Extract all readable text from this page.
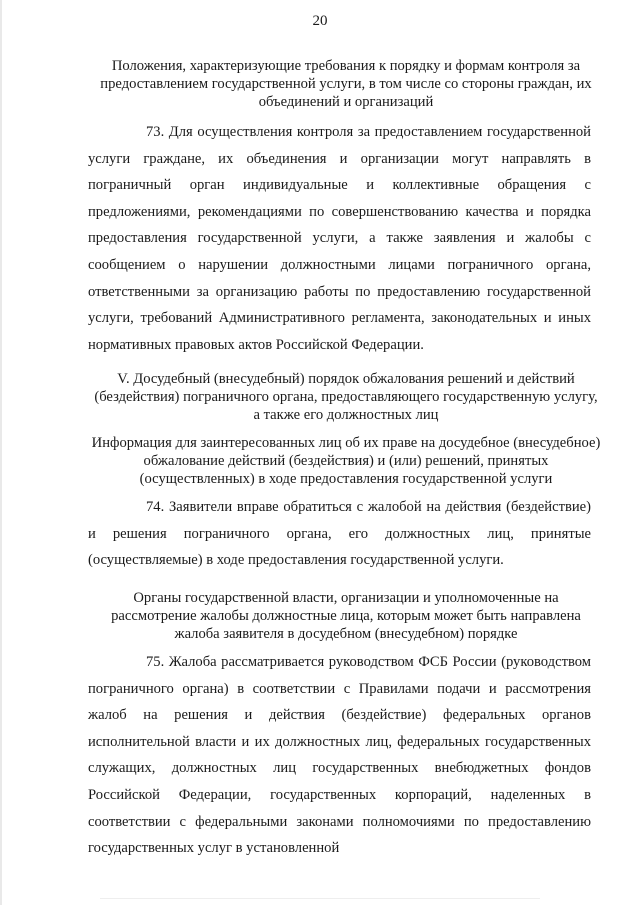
20
Положения, характеризующие требования к порядку и формам контроля за предоставлением государственной услуги, в том числе со стороны граждан, их объединений и организаций
73. Для осуществления контроля за предоставлением государственной услуги граждане, их объединения и организации могут направлять в пограничный орган индивидуальные и коллективные обращения с предложениями, рекомендациями по совершенствованию качества и порядка предоставления государственной услуги, а также заявления и жалобы с сообщением о нарушении должностными лицами пограничного органа, ответственными за организацию работы по предоставлению государственной услуги, требований Административного регламента, законодательных и иных нормативных правовых актов Российской Федерации.
V. Досудебный (внесудебный) порядок обжалования решений и действий (бездействия) пограничного органа, предоставляющего государственную услугу, а также его должностных лиц
Информация для заинтересованных лиц об их праве на досудебное (внесудебное) обжалование действий (бездействия) и (или) решений, принятых (осуществленных) в ходе предоставления государственной услуги
74. Заявители вправе обратиться с жалобой на действия (бездействие) и решения пограничного органа, его должностных лиц, принятые (осуществляемые) в ходе предоставления государственной услуги.
Органы государственной власти, организации и уполномоченные на рассмотрение жалобы должностные лица, которым может быть направлена жалоба заявителя в досудебном (внесудебном) порядке
75. Жалоба рассматривается руководством ФСБ России (руководством пограничного органа) в соответствии с Правилами подачи и рассмотрения жалоб на решения и действия (бездействие) федеральных органов исполнительной власти и их должностных лиц, федеральных государственных служащих, должностных лиц государственных внебюджетных фондов Российской Федерации, государственных корпораций, наделенных в соответствии с федеральными законами полномочиями по предоставлению государственных услуг в установленной
